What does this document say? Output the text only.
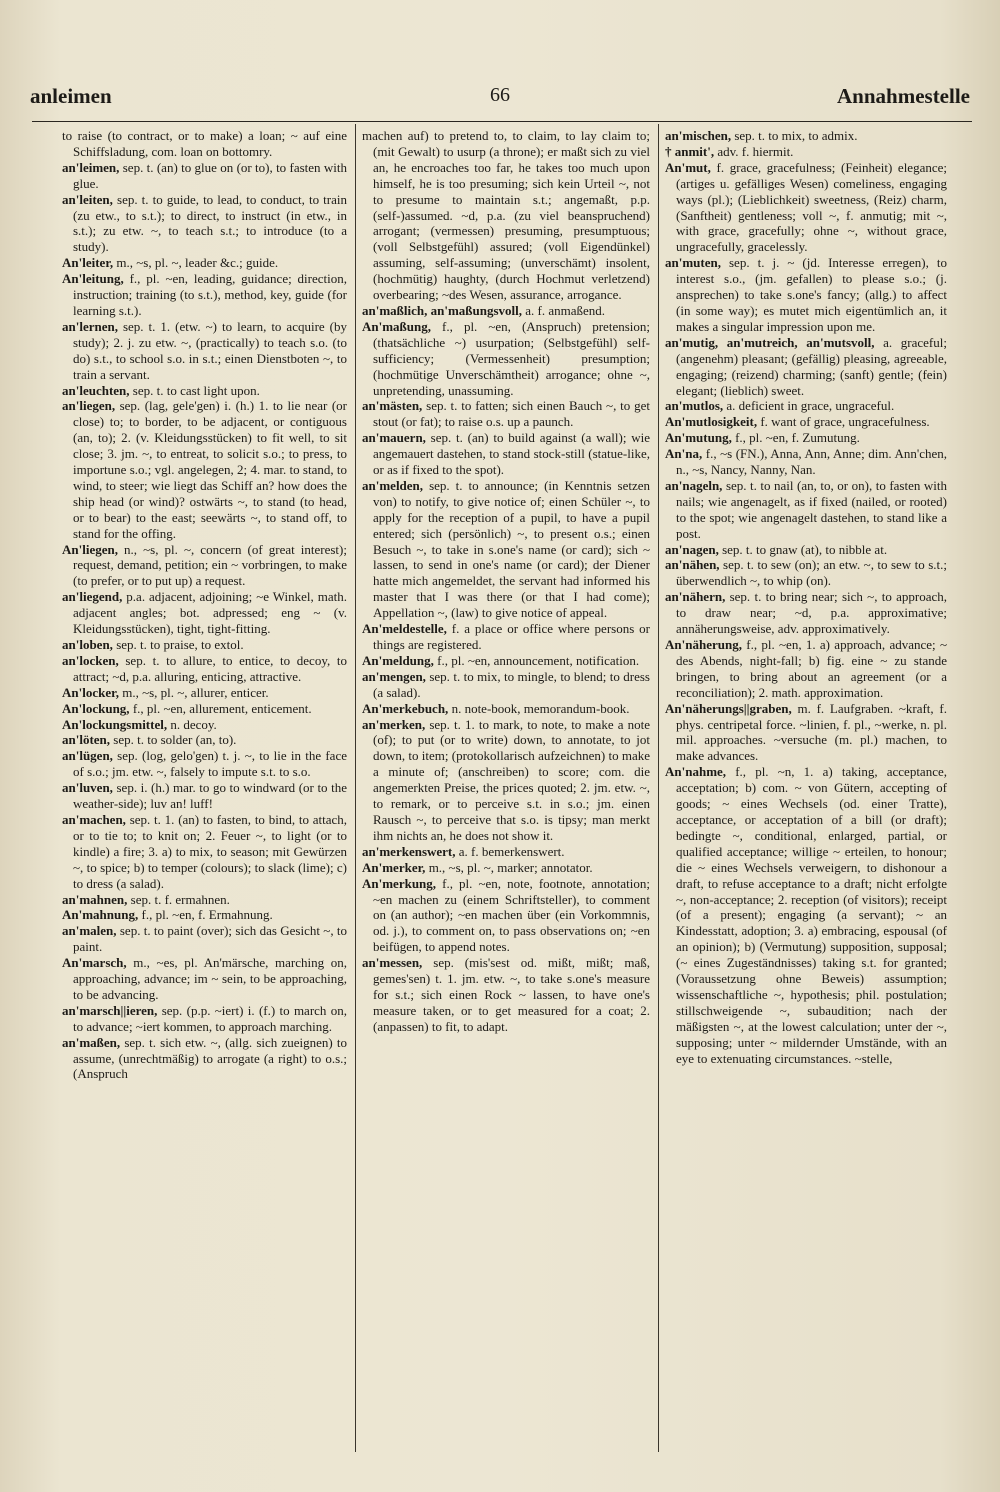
anleimen	66	Annahmestelle

to raise (to contract, or to make) a loan; ~ auf eine Schiffsladung, com. loan on bottomry.

an'leimen, sep. t. (an) to glue on (or to), to fasten with glue.

an'leiten, sep. t. to guide, to lead, to conduct, to train (zu etw., to s.t.); to direct, to instruct (in etw., in s.t.); zu etw. ~, to teach s.t.; to introduce (to a study).

An'leiter, m., ~s, pl. ~, leader &c.; guide.

An'leitung, f., pl. ~en, leading, guidance; direction, instruction; training (to s.t.), method, key, guide (for learning s.t.).

an'lernen, sep. t. 1. (etw. ~) to learn, to acquire (by study); 2. j. zu etw. ~, (practically) to teach s.o. (to do) s.t., to school s.o. in s.t.; einen Dienstboten ~, to train a servant.

an'leuchten, sep. t. to cast light upon.

an'liegen, sep. (lag, gele'gen) i. (h.) 1. to lie near (or close) to; to border, to be adjacent, or contiguous (an, to); 2. (v. Kleidungsstücken) to fit well, to sit close; 3. jm. ~, to entreat, to solicit s.o.; to press, to importune s.o.; vgl. angelegen, 2; 4. mar. to stand, to wind, to steer; wie liegt das Schiff an? how does the ship head (or wind)? ostwärts ~, to stand (to head, or to bear) to the east; seewärts ~, to stand off, to stand for the offing.

An'liegen, n., ~s, pl. ~, concern (of great interest); request, demand, petition; ein ~ vorbringen, to make (to prefer, or to put up) a request.

an'liegend, p.a. adjacent, adjoining; ~e Winkel, math. adjacent angles; bot. adpressed; eng ~ (v. Kleidungsstücken), tight, tight-fitting.

an'loben, sep. t. to praise, to extol.

an'locken, sep. t. to allure, to entice, to decoy, to attract; ~d, p.a. alluring, enticing, attractive.

An'locker, m., ~s, pl. ~, allurer, enticer.

An'lockung, f., pl. ~en, allurement, enticement.

An'lockungsmittel, n. decoy.

an'löten, sep. t. to solder (an, to).

an'lügen, sep. (log, gelo'gen) t. j. ~, to lie in the face of s.o.; jm. etw. ~, falsely to impute s.t. to s.o.

an'luven, sep. i. (h.) mar. to go to windward (or to the weather-side); luv an! luff!

an'machen, sep. t. 1. (an) to fasten, to bind, to attach, or to tie to; to knit on; 2. Feuer ~, to light (or to kindle) a fire; 3. a) to mix, to season; mit Gewürzen ~, to spice; b) to temper (colours); to slack (lime); c) to dress (a salad).

an'mahnen, sep. t. f. ermahnen.

An'mahnung, f., pl. ~en, f. Ermahnung.

an'malen, sep. t. to paint (over); sich das Gesicht ~, to paint.

An'marsch, m., ~es, pl. An'märsche, marching on, approaching, advance; im ~ sein, to be approaching, to be advancing.

an'marsch||ieren, sep. (p.p. ~iert) i. (f.) to march on, to advance; ~iert kommen, to approach marching.

an'maßen, sep. t. sich etw. ~, (allg. sich zueignen) to assume, (unrechtmäßig) to arrogate (a right) to o.s.; (Anspruch

machen auf) to pretend to, to claim, to lay claim to; (mit Gewalt) to usurp (a throne); er maßt sich zu viel an, he encroaches too far, he takes too much upon himself, he is too presuming; sich kein Urteil ~, not to presume to maintain s.t.; angemaßt, p.p. (self-)assumed. ~d, p.a. (zu viel beanspruchend) arrogant; (vermessen) presuming, presumptuous; (voll Selbstgefühl) assured; (voll Eigendünkel) assuming, self-assuming; (unverschämt) insolent, (hochmütig) haughty, (durch Hochmut verletzend) overbearing; ~des Wesen, assurance, arrogance.

an'maßlich, an'maßungsvoll, a. f. anmaßend.

An'maßung, f., pl. ~en, (Anspruch) pretension; (thatsächliche ~) usurpation; (Selbstgefühl) self-sufficiency; (Vermessenheit) presumption; (hochmütige Unverschämtheit) arrogance; ohne ~, unpretending, unassuming.

an'mästen, sep. t. to fatten; sich einen Bauch ~, to get stout (or fat); to raise o.s. up a paunch.

an'mauern, sep. t. (an) to build against (a wall); wie angemauert dastehen, to stand stock-still (statue-like, or as if fixed to the spot).

an'melden, sep. t. to announce; (in Kenntnis setzen von) to notify, to give notice of; einen Schüler ~, to apply for the reception of a pupil, to have a pupil entered; sich (persönlich) ~, to present o.s.; einen Besuch ~, to take in s.one's name (or card); sich ~ lassen, to send in one's name (or card); der Diener hatte mich angemeldet, the servant had informed his master that I was there (or that I had come); Appellation ~, (law) to give notice of appeal.

An'meldestelle, f. a place or office where persons or things are registered.

An'meldung, f., pl. ~en, announcement, notification.

an'mengen, sep. t. to mix, to mingle, to blend; to dress (a salad).

An'merkebuch, n. note-book, memorandum-book.

an'merken, sep. t. 1. to mark, to note, to make a note (of); to put (or to write) down, to annotate, to jot down, to item; (protokollarisch aufzeichnen) to make a minute of; (anschreiben) to score; com. die angemerkten Preise, the prices quoted; 2. jm. etw. ~, to remark, or to perceive s.t. in s.o.; jm. einen Rausch ~, to perceive that s.o. is tipsy; man merkt ihm nichts an, he does not show it.

an'merkenswert, a. f. bemerkenswert.

An'merker, m., ~s, pl. ~, marker; annotator.

An'merkung, f., pl. ~en, note, footnote, annotation; ~en machen zu (einem Schriftsteller), to comment on (an author); ~en machen über (ein Vorkommnis, od. j.), to comment on, to pass observations on; ~en beifügen, to append notes.

an'messen, sep. (mis'sest od. mißt, mißt; maß, gemes'sen) t. 1. jm. etw. ~, to take s.one's measure for s.t.; sich einen Rock ~ lassen, to have one's measure taken, or to get measured for a coat; 2. (anpassen) to fit, to adapt.

an'mischen, sep. t. to mix, to admix.

† anmit', adv. f. hiermit.

An'mut, f. grace, gracefulness; (Feinheit) elegance; (artiges u. gefälliges Wesen) comeliness, engaging ways (pl.); (Lieblichkeit) sweetness, (Reiz) charm, (Sanftheit) gentleness; voll ~, f. anmutig; mit ~, with grace, gracefully; ohne ~, without grace, ungracefully, gracelessly.

an'muten, sep. t. j. ~ (jd. Interesse erregen), to interest s.o., (jm. gefallen) to please s.o.; (j. ansprechen) to take s.one's fancy; (allg.) to affect (in some way); es mutet mich eigentümlich an, it makes a singular impression upon me.

an'mutig, an'mutreich, an'mutsvoll, a. graceful; (angenehm) pleasant; (gefällig) pleasing, agreeable, engaging; (reizend) charming; (sanft) gentle; (fein) elegant; (lieblich) sweet.

an'mutlos, a. deficient in grace, ungraceful.

An'mutlosigkeit, f. want of grace, ungracefulness.

An'mutung, f., pl. ~en, f. Zumutung.

An'na, f., ~s (FN.), Anna, Ann, Anne; dim. Ann'chen, n., ~s, Nancy, Nanny, Nan.

an'nageln, sep. t. to nail (an, to, or on), to fasten with nails; wie angenagelt, as if fixed (nailed, or rooted) to the spot; wie angenagelt dastehen, to stand like a post.

an'nagen, sep. t. to gnaw (at), to nibble at.

an'nähen, sep. t. to sew (on); an etw. ~, to sew to s.t.; überwendlich ~, to whip (on).

an'nähern, sep. t. to bring near; sich ~, to approach, to draw near; ~d, p.a. approximative; annäherungsweise, adv. approximatively.

An'näherung, f., pl. ~en, 1. a) approach, advance; ~ des Abends, night-fall; b) fig. eine ~ zu stande bringen, to bring about an agreement (or a reconciliation); 2. math. approximation.

An'näherungs||graben, m. f. Laufgraben. ~kraft, f. phys. centripetal force. ~linien, f. pl., ~werke, n. pl. mil. approaches. ~versuche (m. pl.) machen, to make advances.

An'nahme, f., pl. ~n, 1. a) taking, acceptance, acceptation; b) com. ~ von Gütern, accepting of goods; ~ eines Wechsels (od. einer Tratte), acceptance, or acceptation of a bill (or draft); bedingte ~, conditional, enlarged, partial, or qualified acceptance; willige ~ erteilen, to honour; die ~ eines Wechsels verweigern, to dishonour a draft, to refuse acceptance to a draft; nicht erfolgte ~, non-acceptance; 2. reception (of visitors); receipt (of a present); engaging (a servant); ~ an Kindesstatt, adoption; 3. a) embracing, espousal (of an opinion); b) (Vermutung) supposition, supposal; (~ eines Zugeständnisses) taking s.t. for granted; (Voraussetzung ohne Beweis) assumption; wissenschaftliche ~, hypothesis; phil. postulation; stillschweigende ~, subaudition; nach der mäßigsten ~, at the lowest calculation; unter der ~, supposing; unter ~ mildernder Umstände, with an eye to extenuating circumstances. ~stelle,
